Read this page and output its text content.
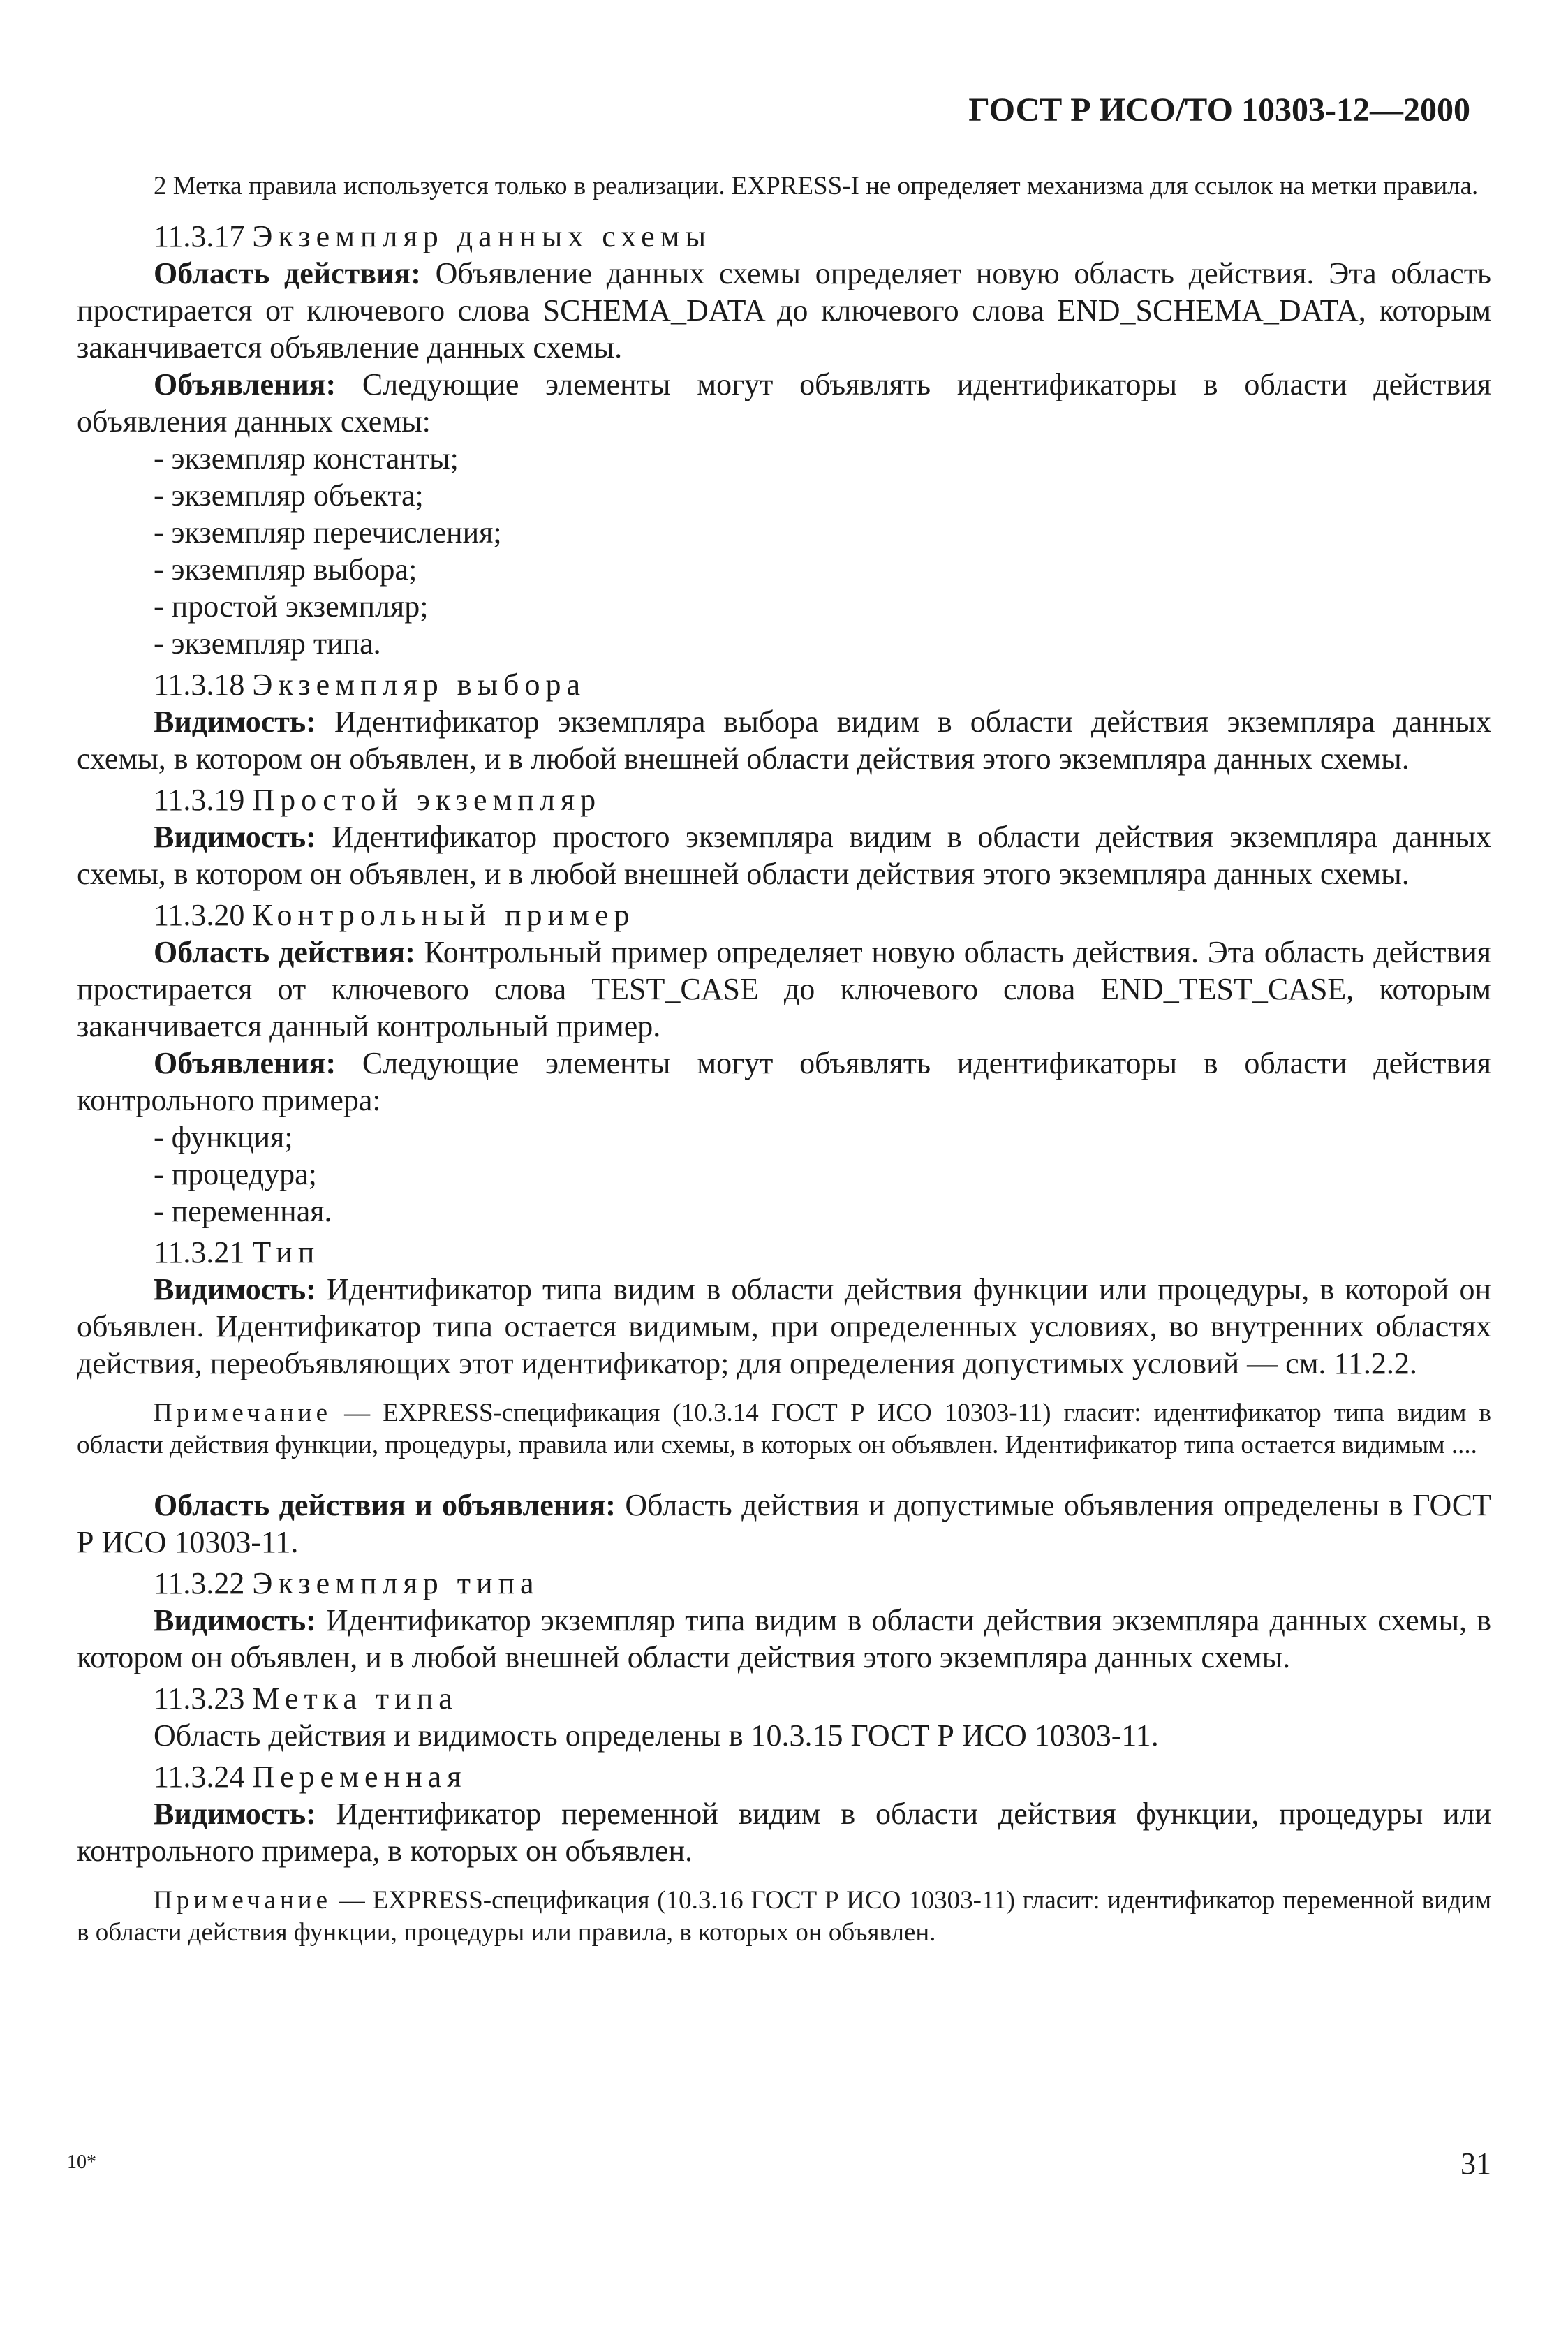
ГОСТ Р ИСО/ТО 10303-12—2000

2 Метка правила используется только в реализации. EXPRESS-I не определяет механизма для ссылок на метки правила.

11.3.17 Экземпляр данных схемы

Область действия: Объявление данных схемы определяет новую область действия. Эта область простирается от ключевого слова SCHEMA_DATA до ключевого слова END_SCHEMA_DATA, которым заканчивается объявление данных схемы.

Объявления: Следующие элементы могут объявлять идентификаторы в области действия объявления данных схемы:

- экземпляр константы;
- экземпляр объекта;
- экземпляр перечисления;
- экземпляр выбора;
- простой экземпляр;
- экземпляр типа.
11.3.18 Экземпляр выбора

Видимость: Идентификатор экземпляра выбора видим в области действия экземпляра данных схемы, в котором он объявлен, и в любой внешней области действия этого экземпляра данных схемы.

11.3.19 Простой экземпляр

Видимость: Идентификатор простого экземпляра видим в области действия экземпляра данных схемы, в котором он объявлен, и в любой внешней области действия этого экземпляра данных схемы.

11.3.20 Контрольный пример

Область действия: Контрольный пример определяет новую область действия. Эта область действия простирается от ключевого слова TEST_CASE до ключевого слова END_TEST_CASE, которым заканчивается данный контрольный пример.

Объявления: Следующие элементы могут объявлять идентификаторы в области действия контрольного примера:

- функция;
- процедура;
- переменная.
11.3.21 Тип

Видимость: Идентификатор типа видим в области действия функции или процедуры, в которой он объявлен. Идентификатор типа остается видимым, при определенных условиях, во внутренних областях действия, переобъявляющих этот идентификатор; для определения допустимых условий — см. 11.2.2.

Примечание — EXPRESS-спецификация (10.3.14 ГОСТ Р ИСО 10303-11) гласит: идентификатор типа видим в области действия функции, процедуры, правила или схемы, в которых он объявлен. Идентификатор типа остается видимым ....

Область действия и объявления: Область действия и допустимые объявления определены в ГОСТ Р ИСО 10303-11.

11.3.22 Экземпляр типа

Видимость: Идентификатор экземпляр типа видим в области действия экземпляра данных схемы, в котором он объявлен, и в любой внешней области действия этого экземпляра данных схемы.

11.3.23 Метка типа

Область действия и видимость определены в 10.3.15 ГОСТ Р ИСО 10303-11.

11.3.24 Переменная

Видимость: Идентификатор переменной видим в области действия функции, процедуры или контрольного примера, в которых он объявлен.

Примечание — EXPRESS-спецификация (10.3.16 ГОСТ Р ИСО 10303-11) гласит: идентификатор переменной видим в области действия функции, процедуры или правила, в которых он объявлен.

10*	31
